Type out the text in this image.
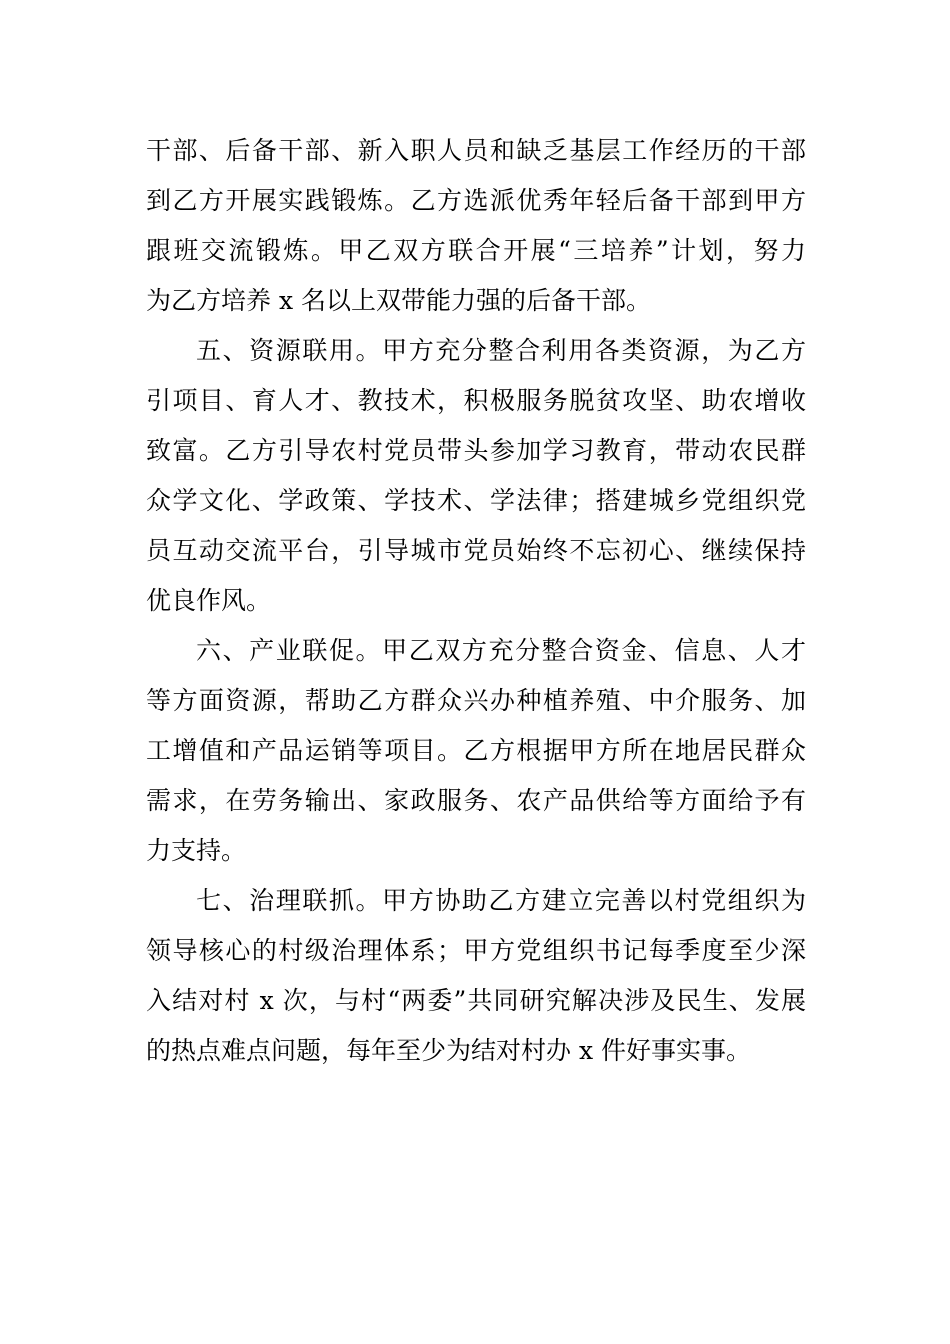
干部、后备干部、新入职人员和缺乏基层工作经历的干部
到乙方开展实践锻炼。乙方选派优秀年轻后备干部到甲方
跟班交流锻炼。甲乙双方联合开展“三培养”计划，努力
为乙方培养 x 名以上双带能力强的后备干部。
五、资源联用。甲方充分整合利用各类资源，为乙方
引项目、育人才、教技术，积极服务脱贫攻坚、助农增收
致富。乙方引导农村党员带头参加学习教育，带动农民群
众学文化、学政策、学技术、学法律；搭建城乡党组织党
员互动交流平台，引导城市党员始终不忘初心、继续保持
优良作风。
六、产业联促。甲乙双方充分整合资金、信息、人才
等方面资源，帮助乙方群众兴办种植养殖、中介服务、加
工增值和产品运销等项目。乙方根据甲方所在地居民群众
需求，在劳务输出、家政服务、农产品供给等方面给予有
力支持。
七、治理联抓。甲方协助乙方建立完善以村党组织为
领导核心的村级治理体系；甲方党组织书记每季度至少深
入结对村 x 次，与村“两委”共同研究解决涉及民生、发展
的热点难点问题，每年至少为结对村办 x 件好事实事。
